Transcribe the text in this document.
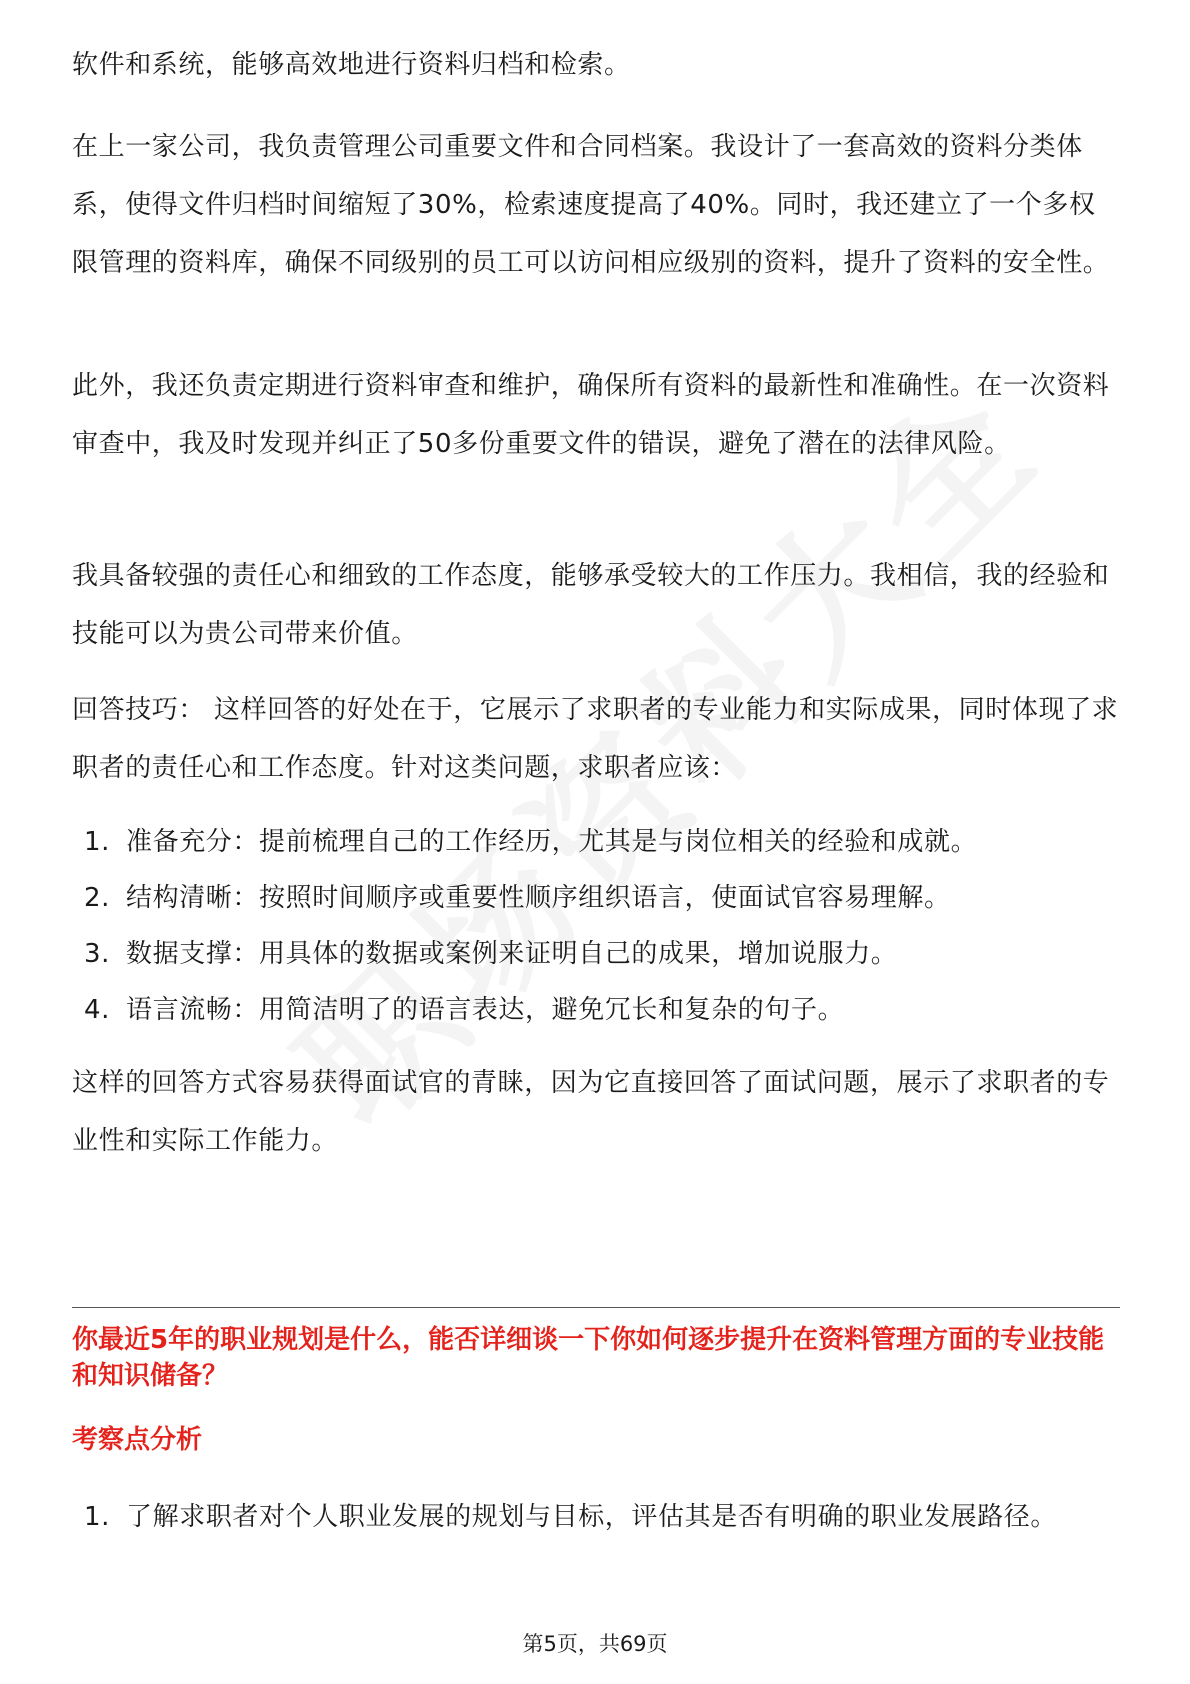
软件和系统，能够高效地进行资料归档和检索。

在上一家公司，我负责管理公司重要文件和合同档案。我设计了一套高效的资料分类体系，使得文件归档时间缩短了30%，检索速度提高了40%。同时，我还建立了一个多权限管理的资料库，确保不同级别的员工可以访问相应级别的资料，提升了资料的安全性。

此外，我还负责定期进行资料审查和维护，确保所有资料的最新性和准确性。在一次资料审查中，我及时发现并纠正了50多份重要文件的错误，避免了潜在的法律风险。

我具备较强的责任心和细致的工作态度，能够承受较大的工作压力。我相信，我的经验和技能可以为贵公司带来价值。

回答技巧： 这样回答的好处在于，它展示了求职者的专业能力和实际成果，同时体现了求职者的责任心和工作态度。针对这类问题，求职者应该：

1. 准备充分：提前梳理自己的工作经历，尤其是与岗位相关的经验和成就。
2. 结构清晰：按照时间顺序或重要性顺序组织语言，使面试官容易理解。
3. 数据支撑：用具体的数据或案例来证明自己的成果，增加说服力。
4. 语言流畅：用简洁明了的语言表达，避免冗长和复杂的句子。

这样的回答方式容易获得面试官的青睐，因为它直接回答了面试问题，展示了求职者的专业性和实际工作能力。

你最近5年的职业规划是什么，能否详细谈一下你如何逐步提升在资料管理方面的专业技能和知识储备？

考察点分析

1. 了解求职者对个人职业发展的规划与目标，评估其是否有明确的职业发展路径。
第5页，共69页
